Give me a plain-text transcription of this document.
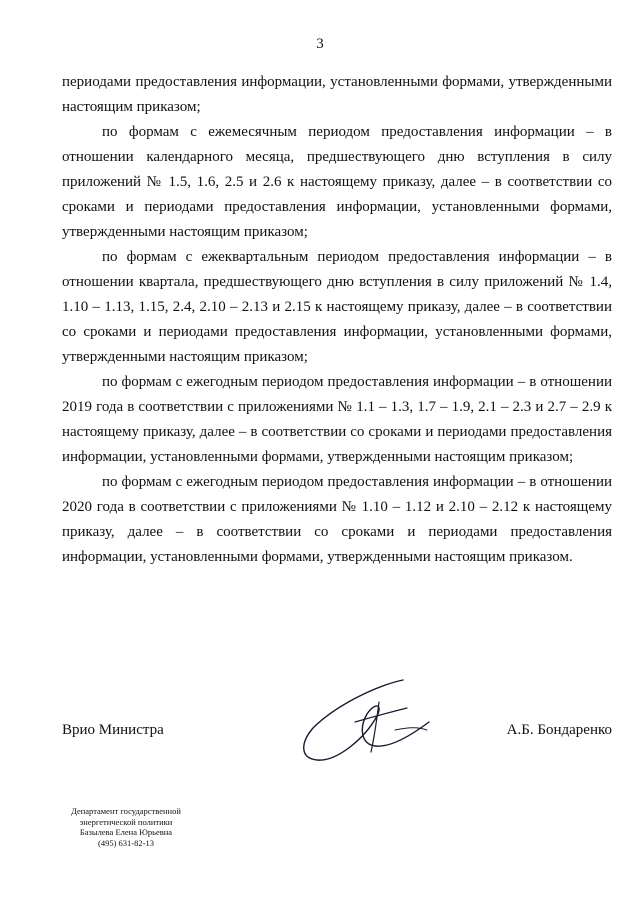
3

периодами предоставления информации, установленными формами, утвержденными настоящим приказом;

по формам с ежемесячным периодом предоставления информации – в отношении календарного месяца, предшествующего дню вступления в силу приложений № 1.5, 1.6, 2.5 и 2.6 к настоящему приказу, далее – в соответствии со сроками и периодами предоставления информации, установленными формами, утвержденными настоящим приказом;

по формам с ежеквартальным периодом предоставления информации – в отношении квартала, предшествующего дню вступления в силу приложений № 1.4, 1.10 – 1.13, 1.15, 2.4, 2.10 – 2.13 и 2.15 к настоящему приказу, далее – в соответствии со сроками и периодами предоставления информации, установленными формами, утвержденными настоящим приказом;

по формам с ежегодным периодом предоставления информации – в отношении 2019 года в соответствии с приложениями № 1.1 – 1.3, 1.7 – 1.9, 2.1 – 2.3 и 2.7 – 2.9 к настоящему приказу, далее – в соответствии со сроками и периодами предоставления информации, установленными формами, утвержденными настоящим приказом;

по формам с ежегодным периодом предоставления информации – в отношении 2020 года в соответствии с приложениями № 1.10 – 1.12 и 2.10 – 2.12 к настоящему приказу, далее – в соответствии со сроками и периодами предоставления информации, установленными формами, утвержденными настоящим приказом.

Врио Министра	А.Б. Бондаренко
Департамент государственной
энергетической политики
Базылева Елена Юрьевна
(495) 631-82-13
